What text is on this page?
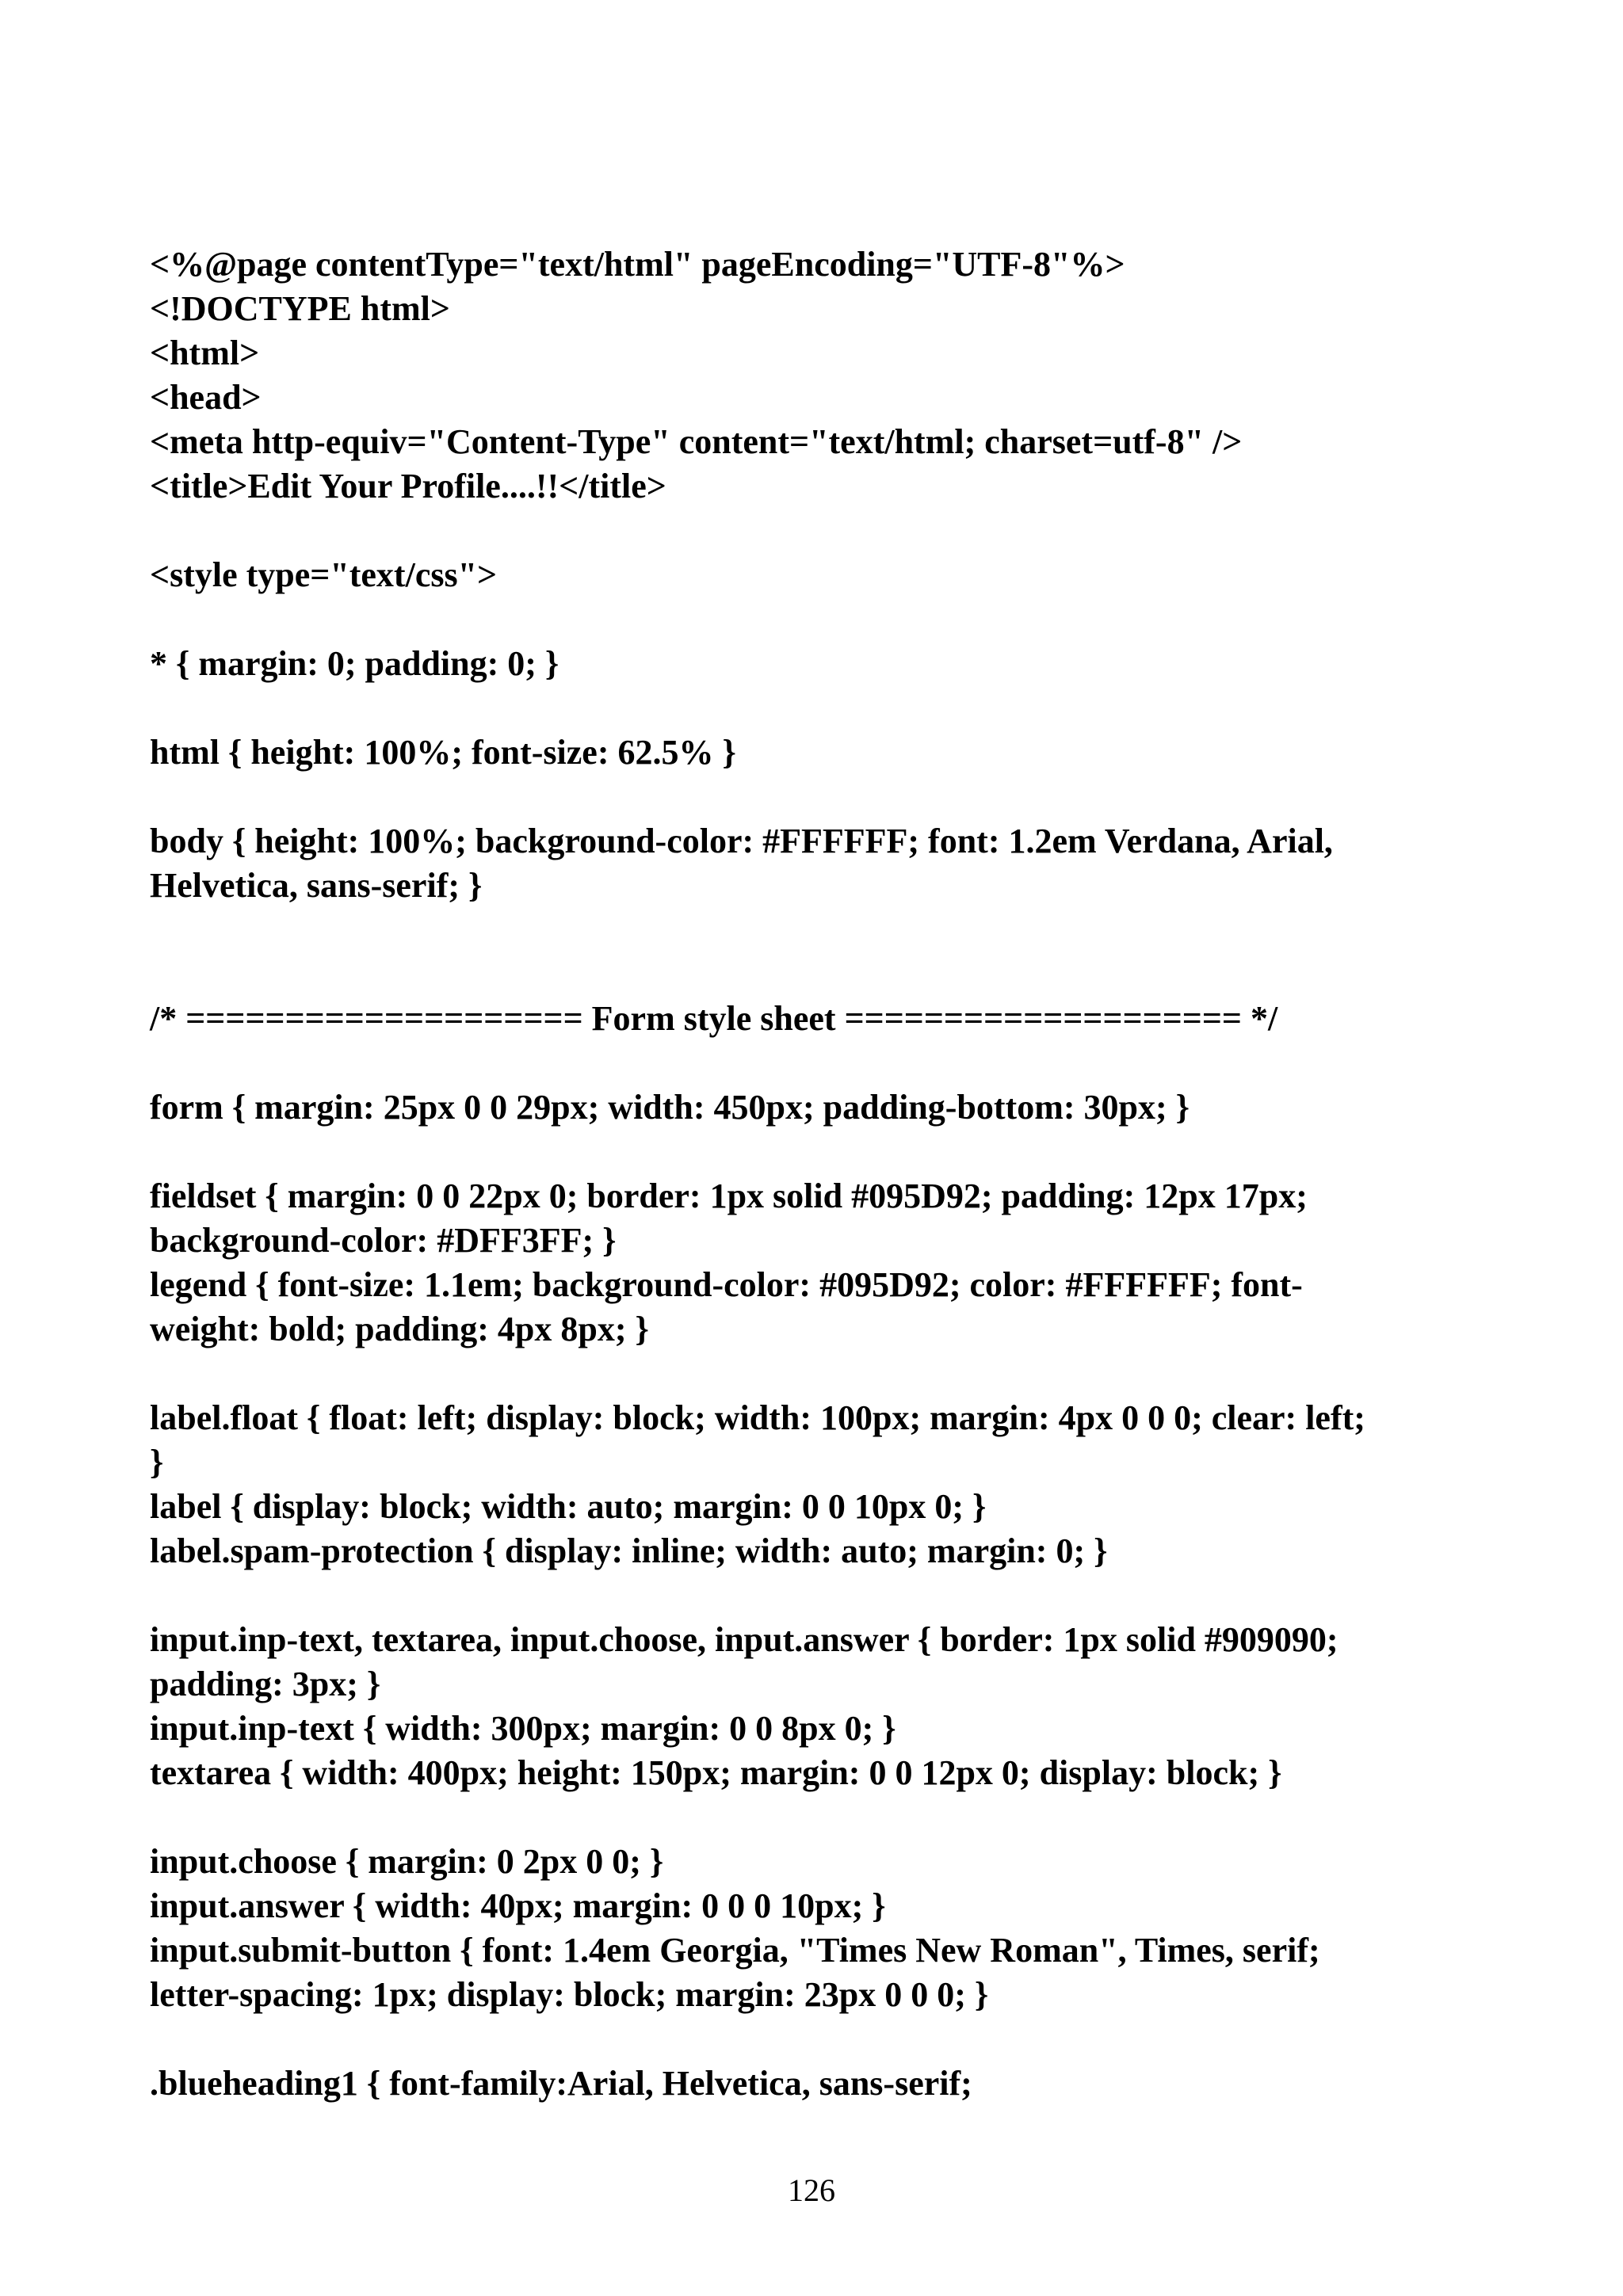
<%@page contentType="text/html" pageEncoding="UTF-8"%>
<!DOCTYPE html>
<html>
<head>
<meta http-equiv="Content-Type" content="text/html; charset=utf-8" />
<title>Edit Your Profile....!!</title>
<style type="text/css">
* { margin: 0; padding: 0; }
html { height: 100%; font-size: 62.5% }
body { height: 100%; background-color: #FFFFFF; font: 1.2em Verdana, Arial,
Helvetica, sans-serif; }
/* ==================== Form style sheet ==================== */
form { margin: 25px 0 0 29px; width: 450px; padding-bottom: 30px; }
fieldset { margin: 0 0 22px 0; border: 1px solid #095D92; padding: 12px 17px;
background-color: #DFF3FF; }
legend { font-size: 1.1em; background-color: #095D92; color: #FFFFFF; font-
weight: bold; padding: 4px 8px; }
label.float { float: left; display: block; width: 100px; margin: 4px 0 0 0; clear: left;
}
label { display: block; width: auto; margin: 0 0 10px 0; }
label.spam-protection { display: inline; width: auto; margin: 0; }
input.inp-text, textarea, input.choose, input.answer { border: 1px solid #909090;
padding: 3px; }
input.inp-text { width: 300px; margin: 0 0 8px 0; }
textarea { width: 400px; height: 150px; margin: 0 0 12px 0; display: block; }
input.choose { margin: 0 2px 0 0; }
input.answer { width: 40px; margin: 0 0 0 10px; }
input.submit-button { font: 1.4em Georgia, "Times New Roman", Times, serif;
letter-spacing: 1px; display: block; margin: 23px 0 0 0; }
.blueheading1 { font-family:Arial, Helvetica, sans-serif;
126
